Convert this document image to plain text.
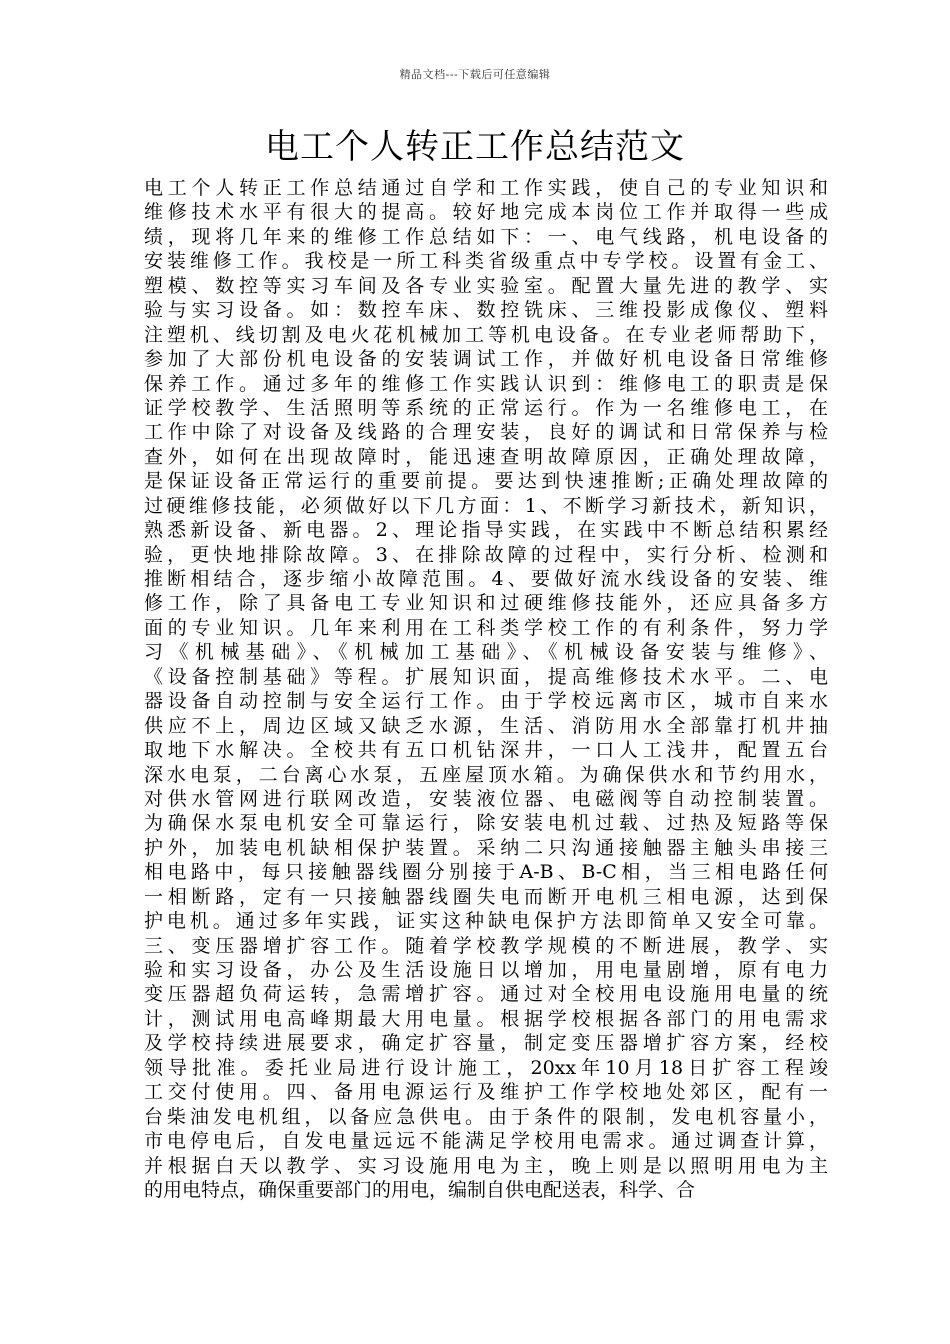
精品文档---下载后可任意编辑
电工个人转正工作总结范文
电工个人转正工作总结通过自学和工作实践，使自己的专业知识和
维修技术水平有很大的提高。较好地完成本岗位工作并取得一些成
绩，现将几年来的维修工作总结如下：一、电气线路，机电设备的
安装维修工作。我校是一所工科类省级重点中专学校。设置有金工、
塑模、数控等实习车间及各专业实验室。配置大量先进的教学、实
验与实习设备。如：数控车床、数控铣床、三维投影成像仪、塑料
注塑机、线切割及电火花机械加工等机电设备。在专业老师帮助下，
参加了大部份机电设备的安装调试工作，并做好机电设备日常维修
保养工作。通过多年的维修工作实践认识到：维修电工的职责是保
证学校教学、生活照明等系统的正常运行。作为一名维修电工，在
工作中除了对设备及线路的合理安装，良好的调试和日常保养与检
查外，如何在出现故障时，能迅速查明故障原因，正确处理故障，
是保证设备正常运行的重要前提。要达到快速推断;正确处理故障的
过硬维修技能，必须做好以下几方面：1、不断学习新技术，新知识，
熟悉新设备、新电器。2、理论指导实践，在实践中不断总结积累经
验，更快地排除故障。3、在排除故障的过程中，实行分析、检测和
推断相结合，逐步缩小故障范围。4、要做好流水线设备的安装、维
修工作，除了具备电工专业知识和过硬维修技能外，还应具备多方
面的专业知识。几年来利用在工科类学校工作的有利条件，努力学
习《机械基础》、《机械加工基础》、《机械设备安装与维修》、
《设备控制基础》等程。扩展知识面，提高维修技术水平。二、电
器设备自动控制与安全运行工作。由于学校远离市区，城市自来水
供应不上，周边区域又缺乏水源，生活、消防用水全部靠打机井抽
取地下水解决。全校共有五口机钻深井，一口人工浅井，配置五台
深水电泵，二台离心水泵，五座屋顶水箱。为确保供水和节约用水，
对供水管网进行联网改造，安装液位器、电磁阀等自动控制装置。
为确保水泵电机安全可靠运行，除安装电机过载、过热及短路等保
护外，加装电机缺相保护装置。采纳二只沟通接触器主触头串接三
相电路中，每只接触器线圈分别接于A-B、B-C相，当三相电路任何
一相断路，定有一只接触器线圈失电而断开电机三相电源，达到保
护电机。通过多年实践，证实这种缺电保护方法即简单又安全可靠。
三、变压器增扩容工作。随着学校教学规模的不断进展，教学、实
验和实习设备，办公及生活设施日以增加，用电量剧增，原有电力
变压器超负荷运转，急需增扩容。通过对全校用电设施用电量的统
计，测试用电高峰期最大用电量。根据学校根据各部门的用电需求
及学校持续进展要求，确定扩容量，制定变压器增扩容方案，经校
领导批准。委托业局进行设计施工，20xx年10月18日扩容工程竣
工交付使用。四、备用电源运行及维护工作学校地处郊区，配有一
台柴油发电机组，以备应急供电。由于条件的限制，发电机容量小，
市电停电后，自发电量远远不能满足学校用电需求。通过调查计算，
并根据白天以教学、实习设施用电为主，晚上则是以照明用电为主
的用电特点，确保重要部门的用电，编制自供电配送表，科学、合
